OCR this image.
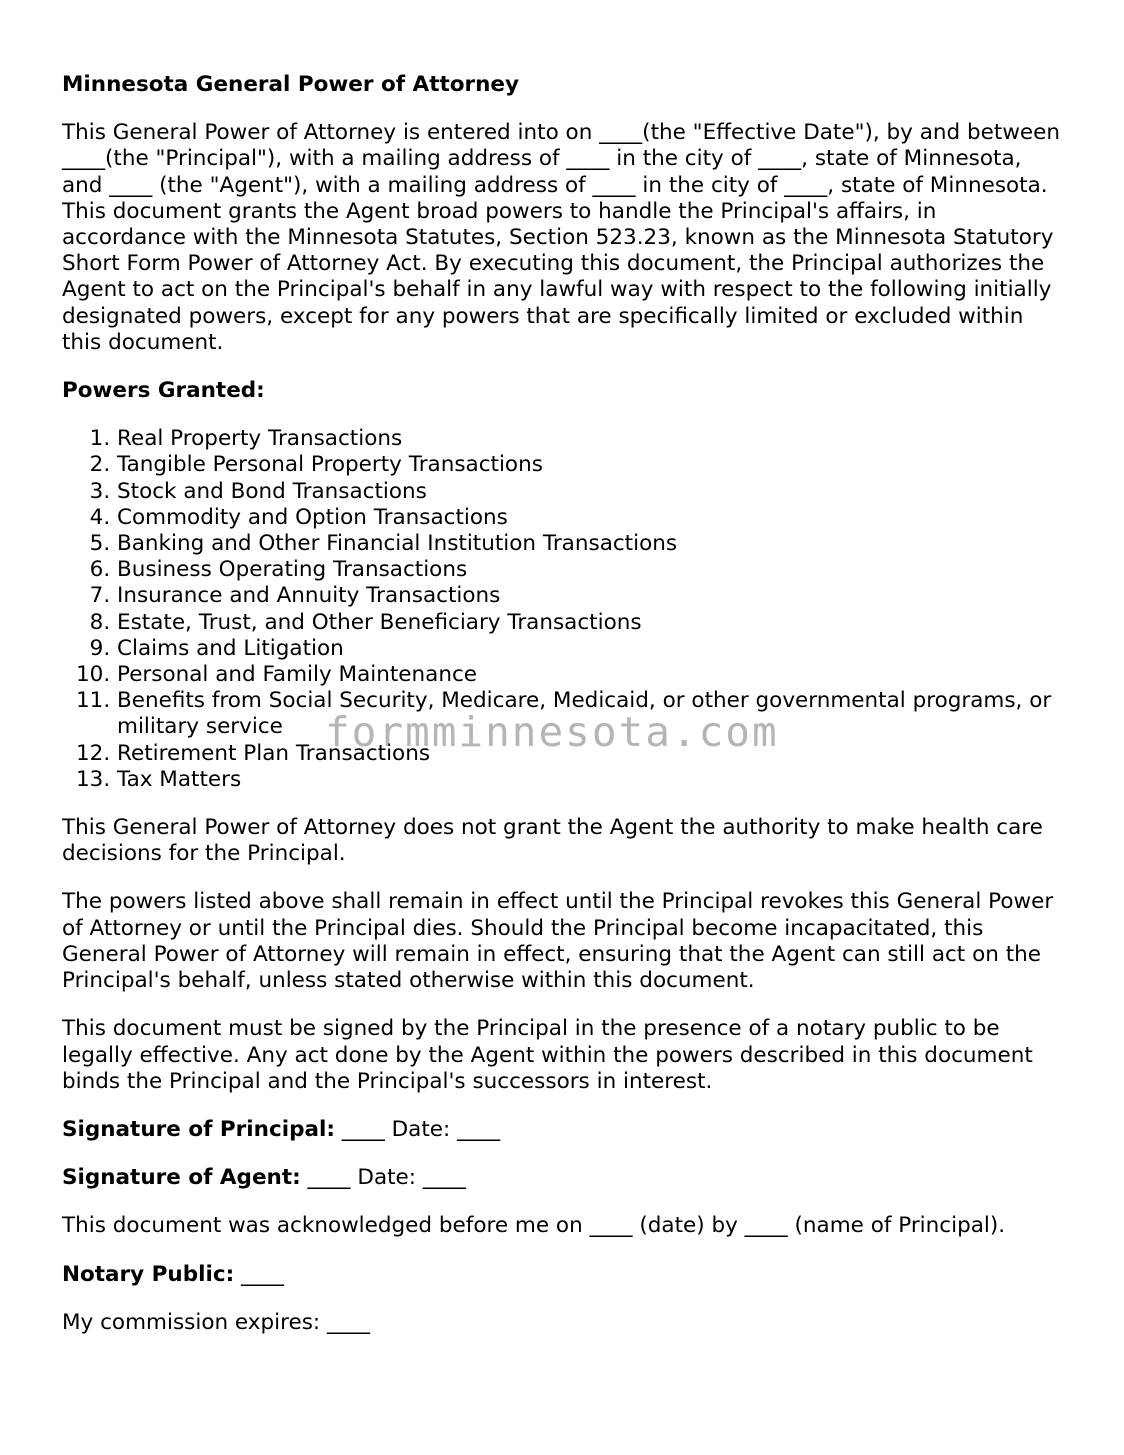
Minnesota General Power of Attorney

This General Power of Attorney is entered into on ____(the "Effective Date"), by and between ____(the "Principal"), with a mailing address of ____ in the city of ____, state of Minnesota, and ____ (the "Agent"), with a mailing address of ____ in the city of ____, state of Minnesota. This document grants the Agent broad powers to handle the Principal's affairs, in accordance with the Minnesota Statutes, Section 523.23, known as the Minnesota Statutory Short Form Power of Attorney Act. By executing this document, the Principal authorizes the Agent to act on the Principal's behalf in any lawful way with respect to the following initially designated powers, except for any powers that are specifically limited or excluded within this document.

Powers Granted:
1. Real Property Transactions
2. Tangible Personal Property Transactions
3. Stock and Bond Transactions
4. Commodity and Option Transactions
5. Banking and Other Financial Institution Transactions
6. Business Operating Transactions
7. Insurance and Annuity Transactions
8. Estate, Trust, and Other Beneficiary Transactions
9. Claims and Litigation
10. Personal and Family Maintenance
11. Benefits from Social Security, Medicare, Medicaid, or other governmental programs, or military service
12. Retirement Plan Transactions
13. Tax Matters

This General Power of Attorney does not grant the Agent the authority to make health care decisions for the Principal.

The powers listed above shall remain in effect until the Principal revokes this General Power of Attorney or until the Principal dies. Should the Principal become incapacitated, this General Power of Attorney will remain in effect, ensuring that the Agent can still act on the Principal's behalf, unless stated otherwise within this document.

This document must be signed by the Principal in the presence of a notary public to be legally effective. Any act done by the Agent within the powers described in this document binds the Principal and the Principal's successors in interest.

Signature of Principal: ____ Date: ____
Signature of Agent: ____ Date: ____

This document was acknowledged before me on ____ (date) by ____ (name of Principal).

Notary Public: ____

My commission expires: ____

formminnesota.com
